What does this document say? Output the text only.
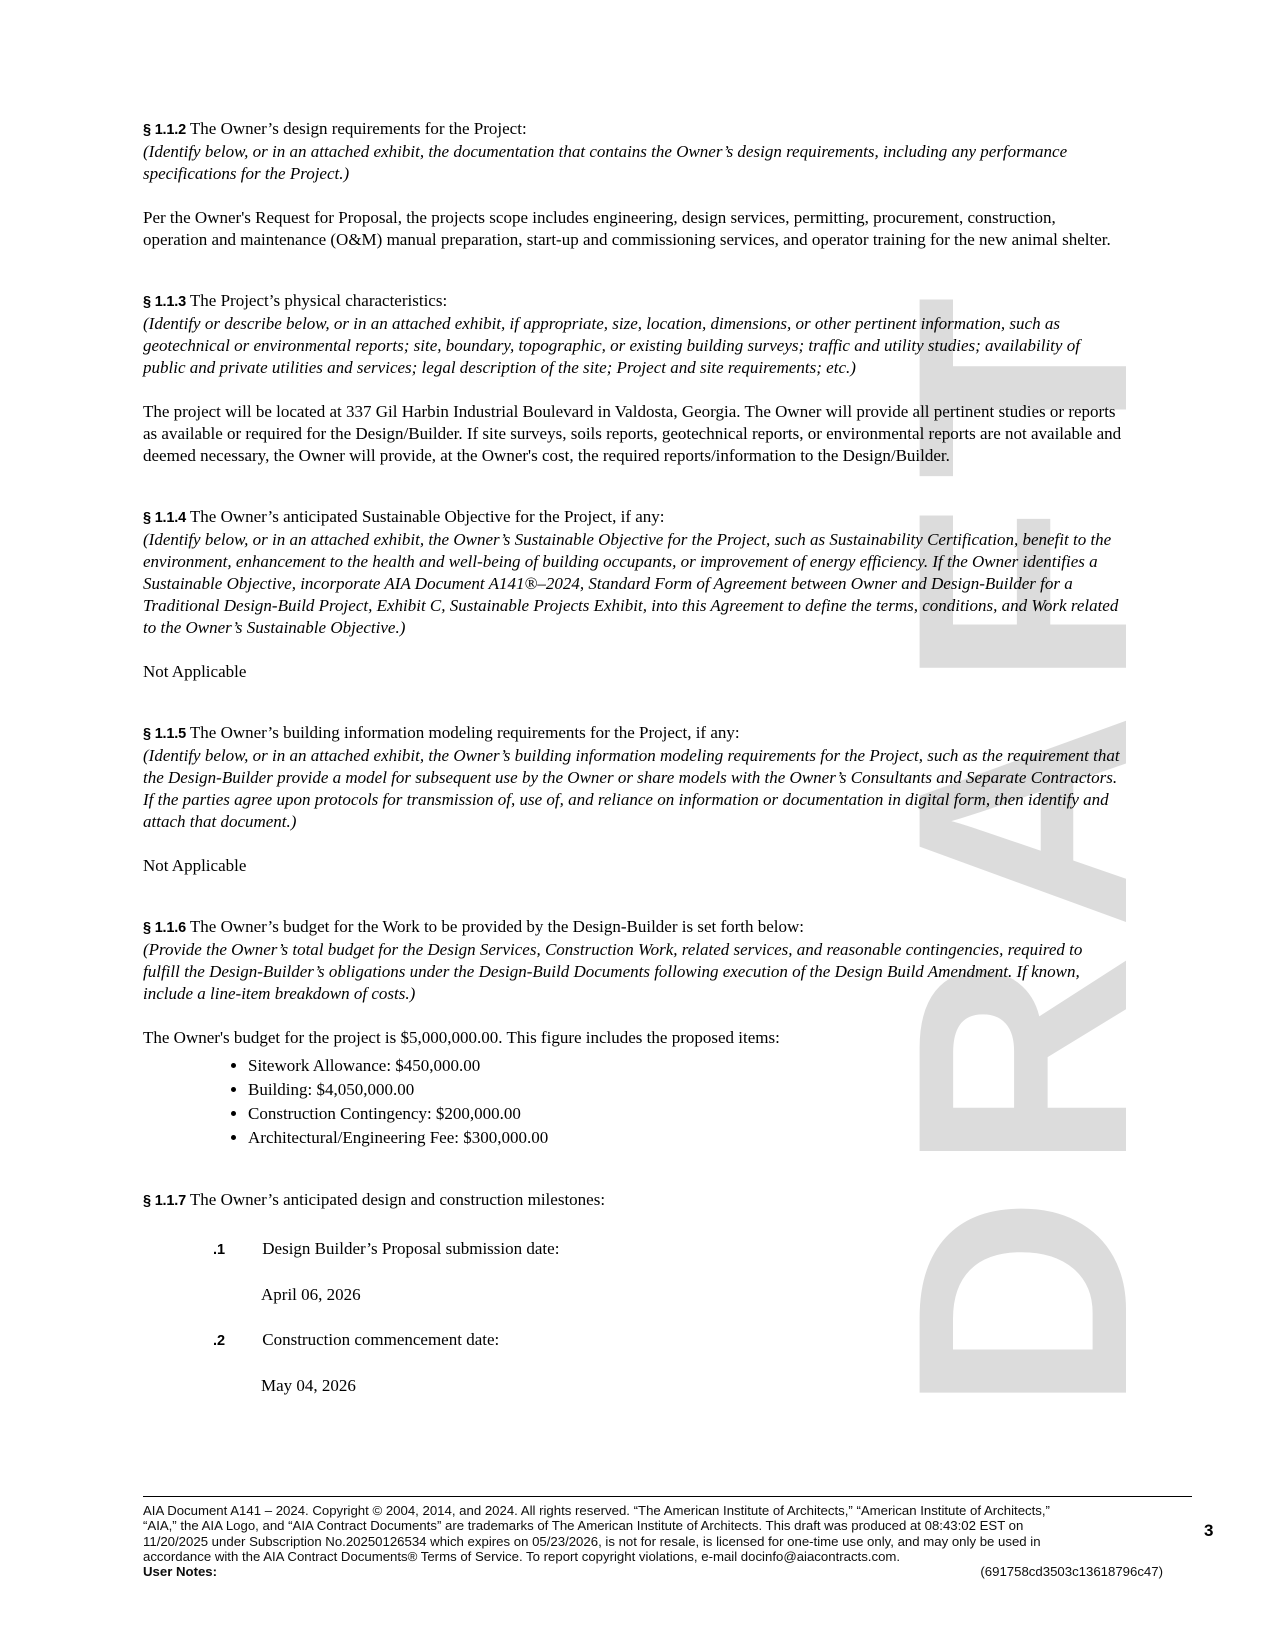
DRAFT
§ 1.1.2 The Owner’s design requirements for the Project:
(Identify below, or in an attached exhibit, the documentation that contains the Owner’s design requirements, including any performance specifications for the Project.)
Per the Owner's Request for Proposal, the projects scope includes engineering, design services, permitting, procurement, construction, operation and maintenance (O&M) manual preparation, start-up and commissioning services, and operator training for the new animal shelter.
§ 1.1.3 The Project’s physical characteristics:
(Identify or describe below, or in an attached exhibit, if appropriate, size, location, dimensions, or other pertinent information, such as geotechnical or environmental reports; site, boundary, topographic, or existing building surveys; traffic and utility studies; availability of public and private utilities and services; legal description of the site; Project and site requirements; etc.)
The project will be located at 337 Gil Harbin Industrial Boulevard in Valdosta, Georgia. The Owner will provide all pertinent studies or reports as available or required for the Design/Builder. If site surveys, soils reports, geotechnical reports, or environmental reports are not available and deemed necessary, the Owner will provide, at the Owner's cost, the required reports/information to the Design/Builder.
§ 1.1.4 The Owner’s anticipated Sustainable Objective for the Project, if any:
(Identify below, or in an attached exhibit, the Owner’s Sustainable Objective for the Project, such as Sustainability Certification, benefit to the environment, enhancement to the health and well-being of building occupants, or improvement of energy efficiency. If the Owner identifies a Sustainable Objective, incorporate AIA Document A141®–2024, Standard Form of Agreement between Owner and Design-Builder for a Traditional Design-Build Project, Exhibit C, Sustainable Projects Exhibit, into this Agreement to define the terms, conditions, and Work related to the Owner’s Sustainable Objective.)
Not Applicable
§ 1.1.5 The Owner’s building information modeling requirements for the Project, if any:
(Identify below, or in an attached exhibit, the Owner’s building information modeling requirements for the Project, such as the requirement that the Design-Builder provide a model for subsequent use by the Owner or share models with the Owner’s Consultants and Separate Contractors. If the parties agree upon protocols for transmission of, use of, and reliance on information or documentation in digital form, then identify and attach that document.)
Not Applicable
§ 1.1.6 The Owner’s budget for the Work to be provided by the Design-Builder is set forth below:
(Provide the Owner’s total budget for the Design Services, Construction Work, related services, and reasonable contingencies, required to fulfill the Design-Builder’s obligations under the Design-Build Documents following execution of the Design Build Amendment. If known, include a line-item breakdown of costs.)
The Owner's budget for the project is $5,000,000.00. This figure includes the proposed items:
• Sitework Allowance: $450,000.00
• Building: $4,050,000.00
• Construction Contingency: $200,000.00
• Architectural/Engineering Fee: $300,000.00
§ 1.1.7 The Owner’s anticipated design and construction milestones:
.1 Design Builder’s Proposal submission date:
April 06, 2026
.2 Construction commencement date:
May 04, 2026
AIA Document A141 – 2024. Copyright © 2004, 2014, and 2024. All rights reserved. “The American Institute of Architects,” “American Institute of Architects,”
“AIA,” the AIA Logo, and “AIA Contract Documents” are trademarks of The American Institute of Architects. This draft was produced at 08:43:02 EST on
11/20/2025 under Subscription No.20250126534 which expires on 05/23/2026, is not for resale, is licensed for one-time use only, and may only be used in
accordance with the AIA Contract Documents® Terms of Service. To report copyright violations, e-mail docinfo@aiacontracts.com.
User Notes:	(691758cd3503c13618796c47)
3
